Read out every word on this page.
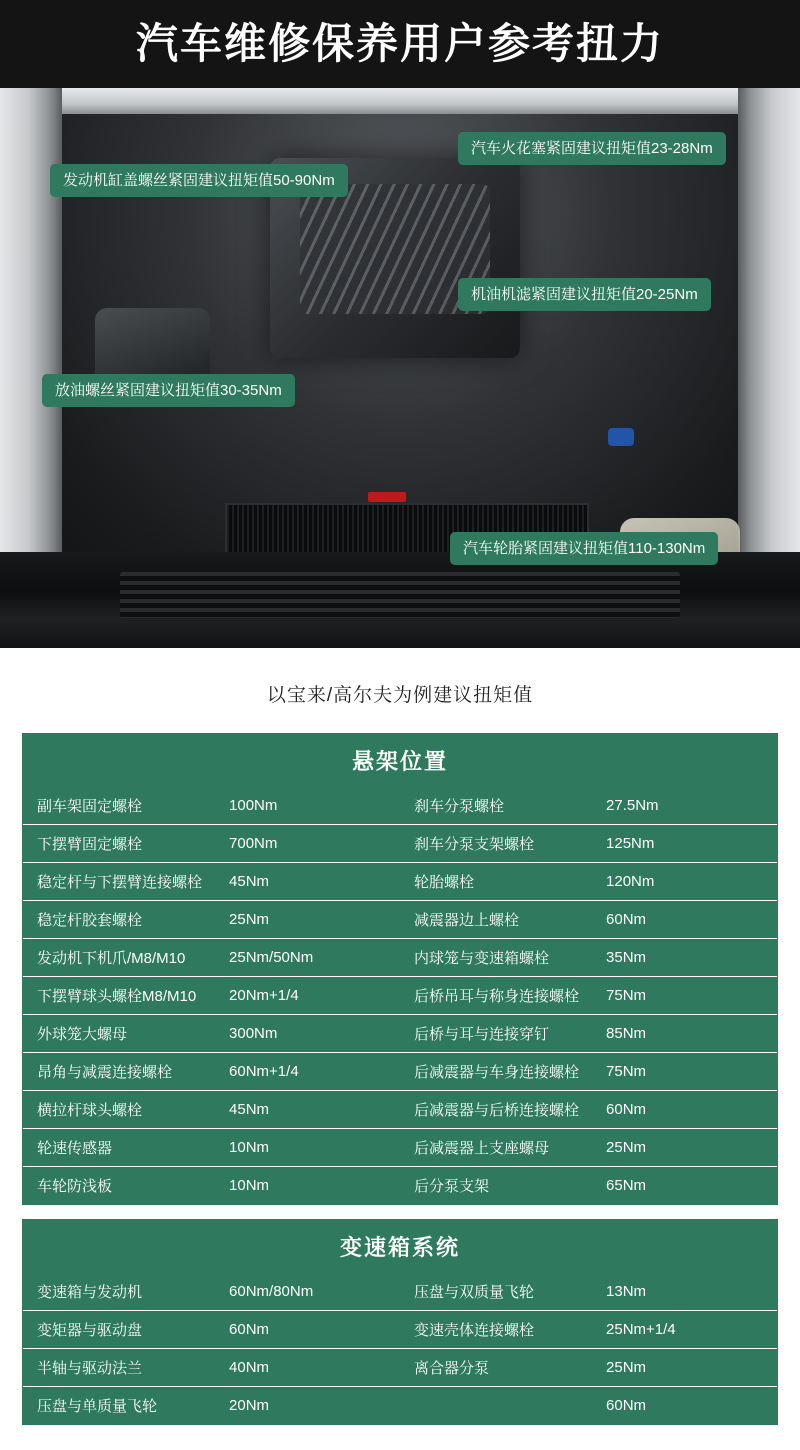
汽车维修保养用户参考扭力
汽车火花塞紧固建议扭矩值23-28Nm
发动机缸盖螺丝紧固建议扭矩值50-90Nm
机油机滤紧固建议扭矩值20-25Nm
放油螺丝紧固建议扭矩值30-35Nm
汽车轮胎紧固建议扭矩值110-130Nm
以宝来/高尔夫为例建议扭矩值
悬架位置
副车架固定螺栓	100Nm	刹车分泵螺栓	27.5Nm
下摆臂固定螺栓	700Nm	刹车分泵支架螺栓	125Nm
稳定杆与下摆臂连接螺栓	45Nm	轮胎螺栓	120Nm
稳定杆胶套螺栓	25Nm	减震器边上螺栓	60Nm
发动机下机爪/M8/M10	25Nm/50Nm	内球笼与变速箱螺栓	35Nm
下摆臂球头螺栓M8/M10	20Nm+1/4	后桥吊耳与称身连接螺栓	75Nm
外球笼大螺母	300Nm	后桥与耳与连接穿钉	85Nm
昂角与减震连接螺栓	60Nm+1/4	后减震器与车身连接螺栓	75Nm
横拉杆球头螺栓	45Nm	后减震器与后桥连接螺栓	60Nm
轮速传感器	10Nm	后减震器上支座螺母	25Nm
车轮防浅板	10Nm	后分泵支架	65Nm
变速箱系统
变速箱与发动机	60Nm/80Nm	压盘与双质量飞轮	13Nm
变矩器与驱动盘	60Nm	变速壳体连接螺栓	25Nm+1/4
半轴与驱动法兰	40Nm	离合器分泵	25Nm
压盘与单质量飞轮	20Nm		60Nm
